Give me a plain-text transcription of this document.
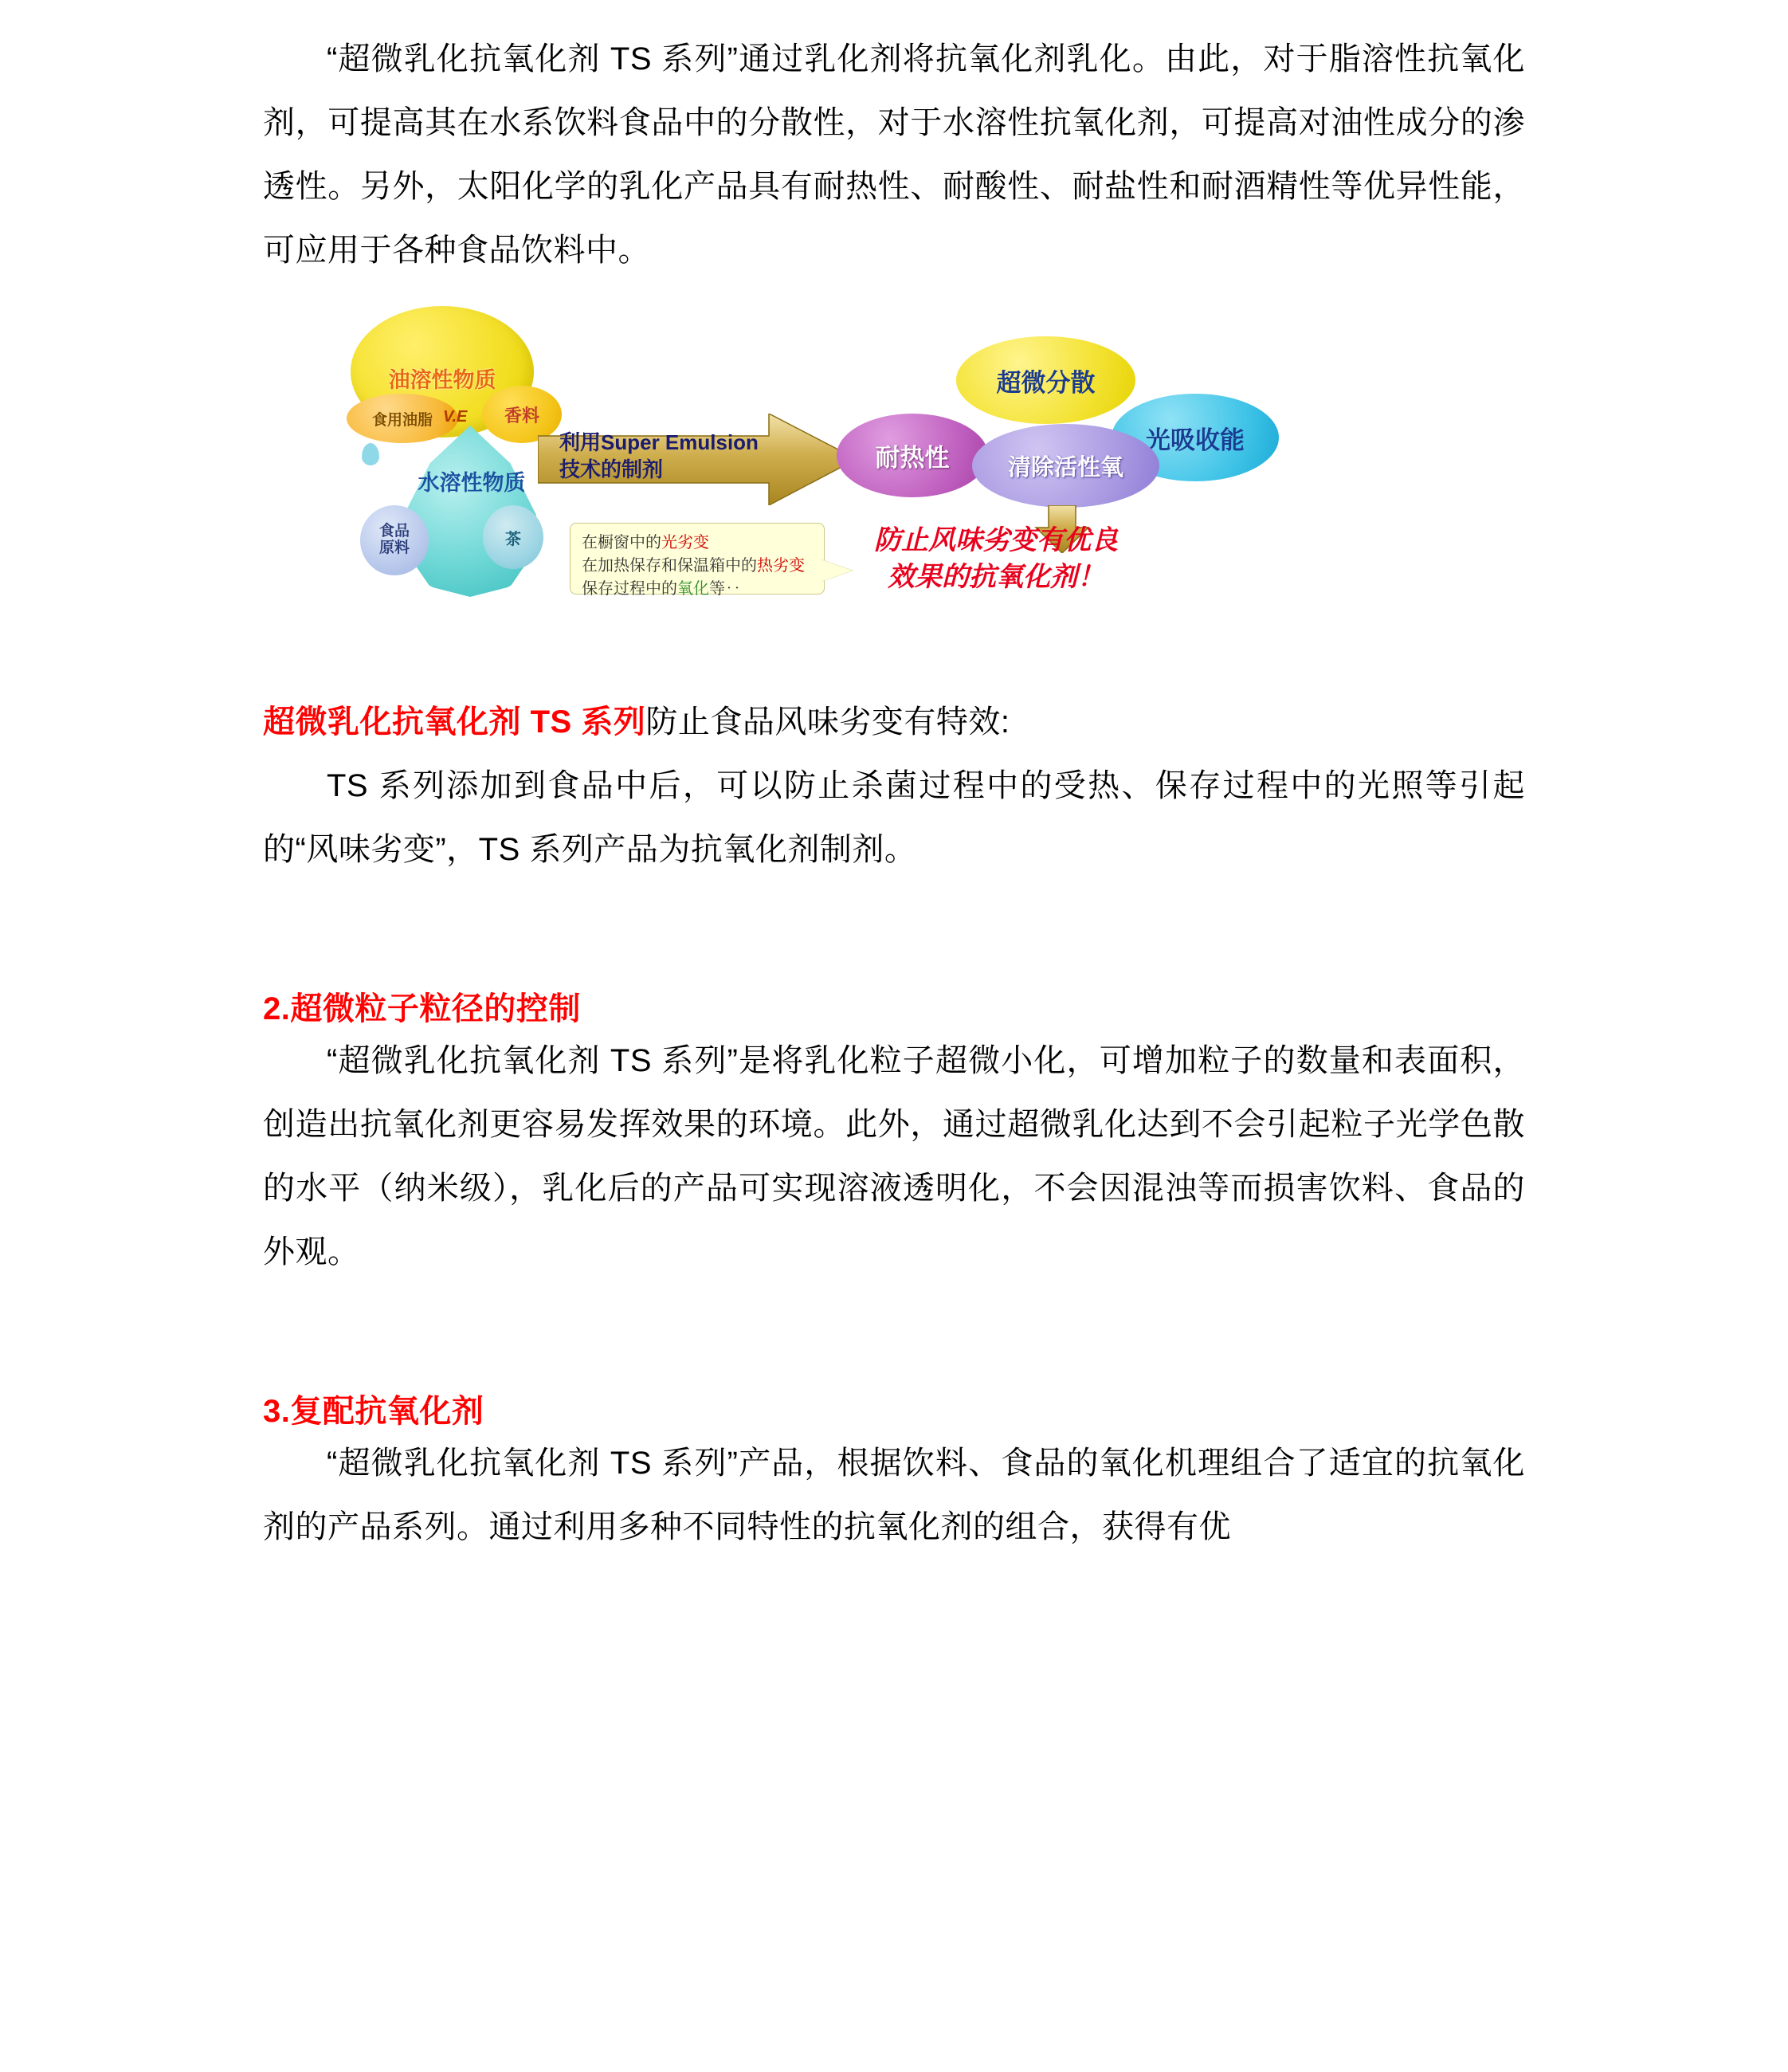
“超微乳化抗氧化剂 TS 系列”通过乳化剂将抗氧化剂乳化。由此，对于脂溶性抗氧化剂，可提高其在水系饮料食品中的分散性，对于水溶性抗氧化剂，可提高对油性成分的渗透性。另外，太阳化学的乳化产品具有耐热性、耐酸性、耐盐性和耐酒精性等优异性能，可应用于各种食品饮料中。

油溶性物质
食用油脂	香料
V.E
水溶性物质
食品
原料	茶
利用Super Emulsion
技术的制剂	耐热性
光吸收能
清除活性氧
超微分散
在橱窗中的光劣变
在加热保存和保温箱中的热劣变
保存过程中的氧化等‥
防止风味劣变有优良效果的抗氧化剂！

超微乳化抗氧化剂 TS 系列防止食品风味劣变有特效:

TS 系列添加到食品中后，可以防止杀菌过程中的受热、保存过程中的光照等引起的“风味劣变”，TS 系列产品为抗氧化剂制剂。

2.超微粒子粒径的控制

“超微乳化抗氧化剂 TS 系列”是将乳化粒子超微小化，可增加粒子的数量和表面积，创造出抗氧化剂更容易发挥效果的环境。此外，通过超微乳化达到不会引起粒子光学色散的水平（纳米级），乳化后的产品可实现溶液透明化，不会因混浊等而损害饮料、食品的外观。

3.复配抗氧化剂

“超微乳化抗氧化剂 TS 系列”产品，根据饮料、食品的氧化机理组合了适宜的抗氧化剂的产品系列。通过利用多种不同特性的抗氧化剂的组合，获得有优
